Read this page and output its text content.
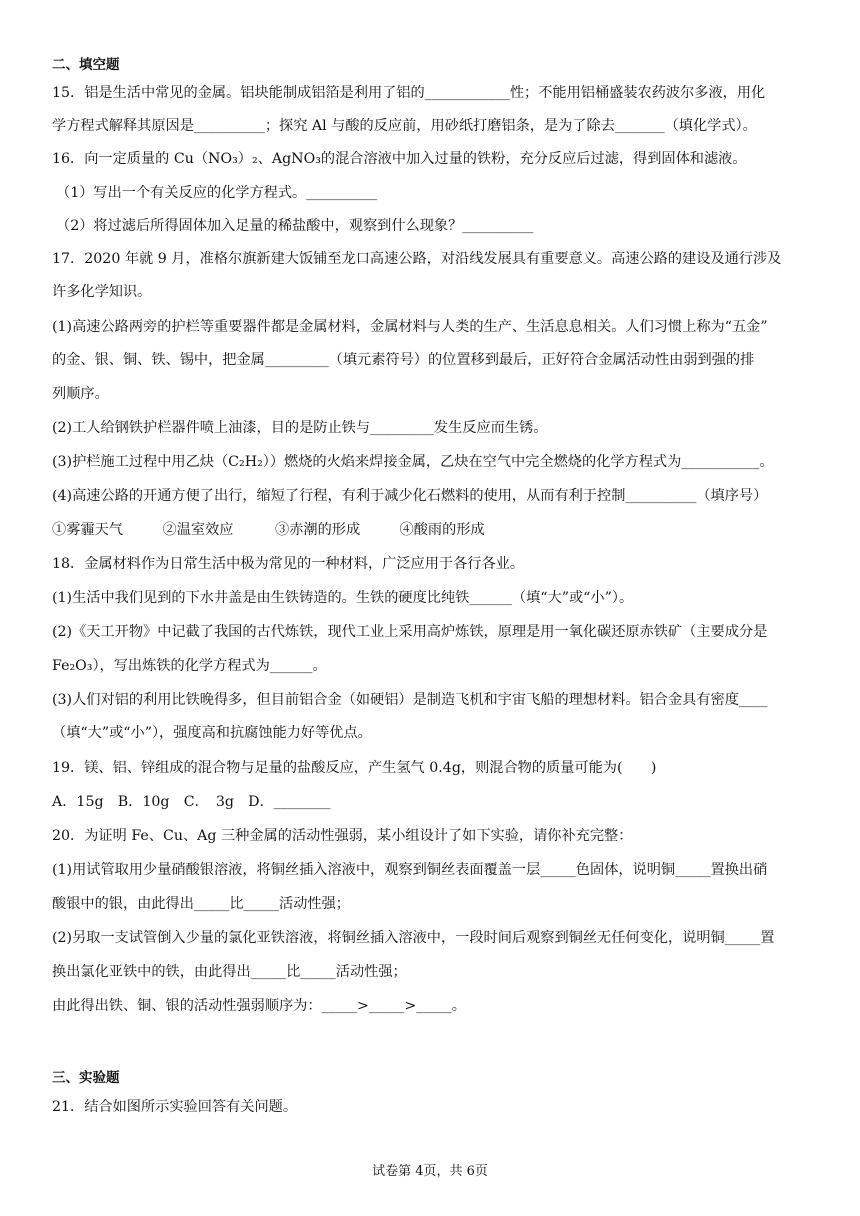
二、填空题
15．铝是生活中常见的金属。铝块能制成铝箔是利用了铝的____________性；不能用铝桶盛装农药波尔多液，用化
学方程式解释其原因是__________；探究 Al 与酸的反应前，用砂纸打磨铝条，是为了除去_______（填化学式）。
16．向一定质量的 Cu（NO₃）₂、AgNO₃的混合溶液中加入过量的铁粉，充分反应后过滤，得到固体和滤液。
（1）写出一个有关反应的化学方程式。__________
（2）将过滤后所得固体加入足量的稀盐酸中，观察到什么现象？__________
17．2020 年就 9 月，准格尔旗新建大饭铺至龙口高速公路，对沿线发展具有重要意义。高速公路的建设及通行涉及
许多化学知识。
(1)高速公路两旁的护栏等重要器件都是金属材料，金属材料与人类的生产、生活息息相关。人们习惯上称为“五金”
的金、银、铜、铁、锡中，把金属_________（填元素符号）的位置移到最后，正好符合金属活动性由弱到强的排
列顺序。
(2)工人给钢铁护栏器件喷上油漆，目的是防止铁与_________发生反应而生锈。
(3)护栏施工过程中用乙炔（C₂H₂））燃烧的火焰来焊接金属，乙炔在空气中完全燃烧的化学方程式为___________。
(4)高速公路的开通方便了出行，缩短了行程，有利于减少化石燃料的使用，从而有利于控制__________（填序号）
①雾霾天气	②温室效应	③赤潮的形成	④酸雨的形成
18．金属材料作为日常生活中极为常见的一种材料，广泛应用于各行各业。
(1)生活中我们见到的下水井盖是由生铁铸造的。生铁的硬度比纯铁______（填“大”或“小”）。
(2)《天工开物》中记截了我国的古代炼铁，现代工业上采用高炉炼铁，原理是用一氧化碳还原赤铁矿（主要成分是
Fe₂O₃），写出炼铁的化学方程式为______。
(3)人们对铝的利用比铁晚得多，但目前铝合金（如硬铝）是制造飞机和宇宙飞船的理想材料。铝合金具有密度____
（填“大”或“小”），强度高和抗腐蚀能力好等优点。
19．镁、铝、锌组成的混合物与足量的盐酸反应，产生氢气 0.4g，则混合物的质量可能为(　　)
A．15g　B．10g　C．　3g　D．________
20．为证明 Fe、Cu、Ag 三种金属的活动性强弱，某小组设计了如下实验，请你补充完整：
(1)用试管取用少量硝酸银溶液，将铜丝插入溶液中，观察到铜丝表面覆盖一层_____色固体，说明铜_____置换出硝
酸银中的银，由此得出_____比_____活动性强；
(2)另取一支试管倒入少量的氯化亚铁溶液，将铜丝插入溶液中，一段时间后观察到铜丝无任何变化，说明铜_____置
换出氯化亚铁中的铁，由此得出_____比_____活动性强；
由此得出铁、铜、银的活动性强弱顺序为：_____>_____>_____。
三、实验题
21．结合如图所示实验回答有关问题。
试卷第 4页，共 6页
